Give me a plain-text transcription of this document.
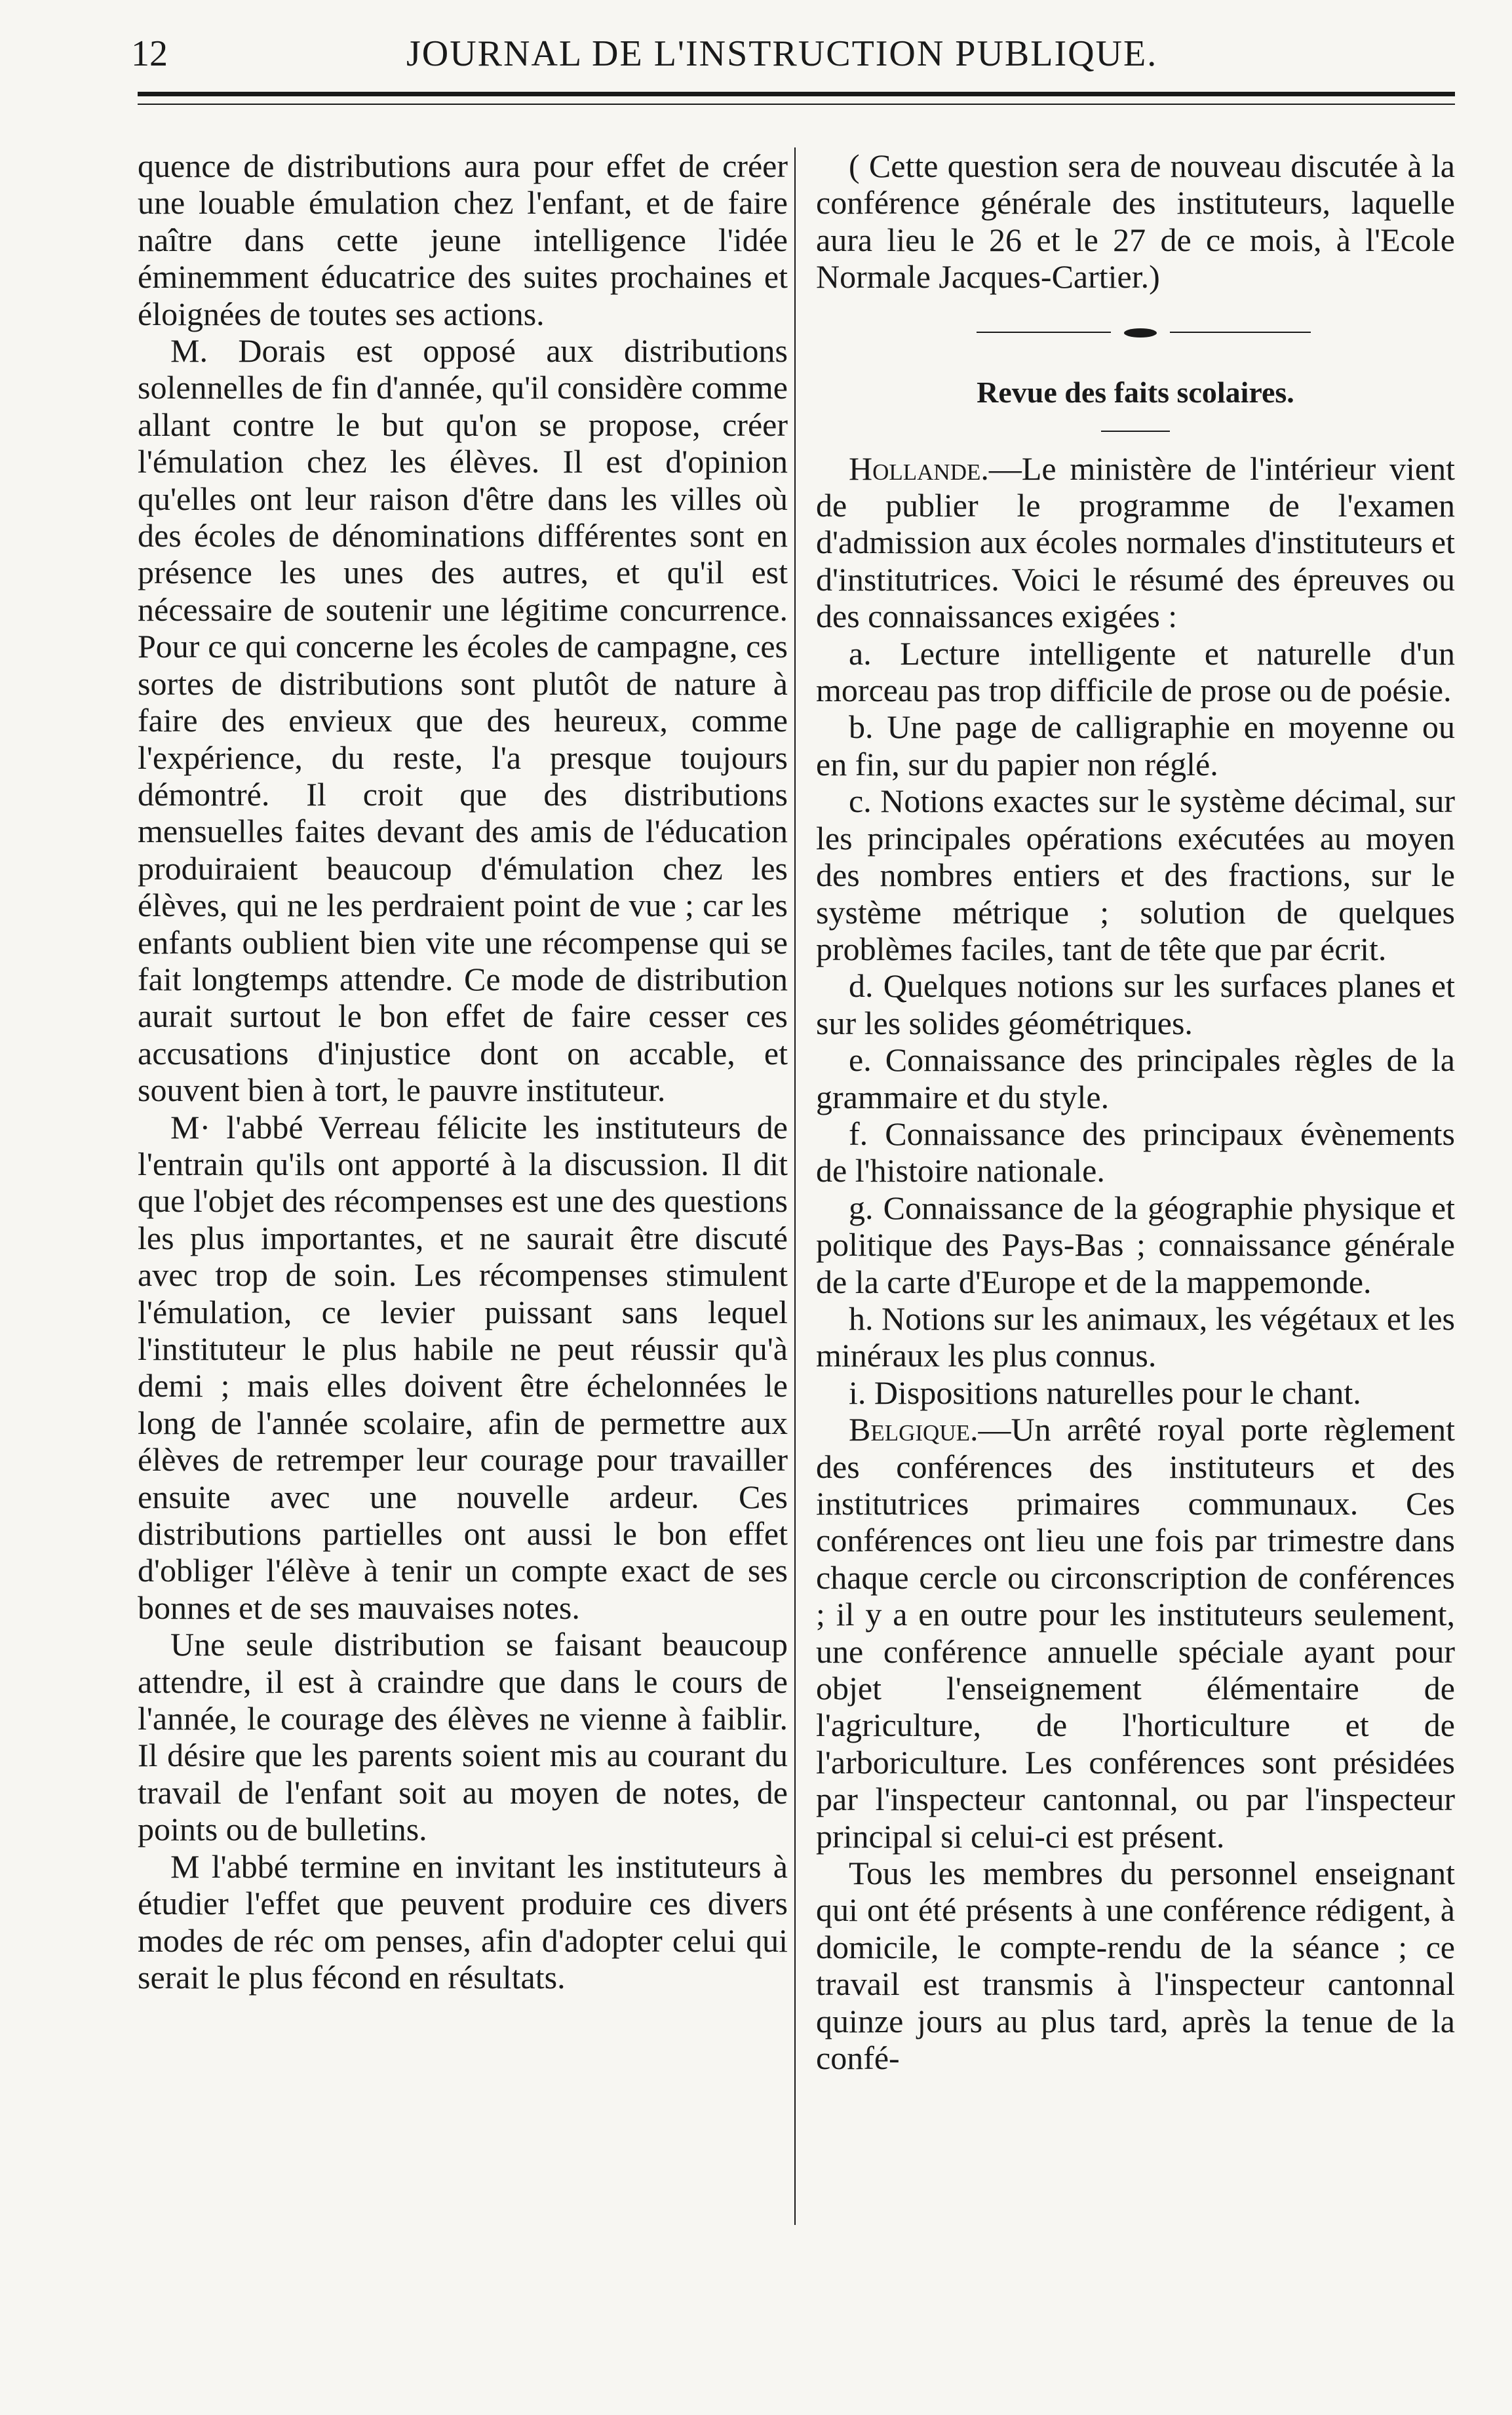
12	JOURNAL DE L'INSTRUCTION PUBLIQUE.

quence de distributions aura pour effet de créer une louable émulation chez l'enfant, et de faire naître dans cette jeune intelligence l'idée éminemment éducatrice des suites prochaines et éloignées de toutes ses actions.

M. Dorais est opposé aux distributions solennelles de fin d'année, qu'il considère comme allant contre le but qu'on se propose, créer l'émulation chez les élèves. Il est d'opinion qu'elles ont leur raison d'être dans les villes où des écoles de dénominations différentes sont en présence les unes des autres, et qu'il est nécessaire de soutenir une légitime concurrence. Pour ce qui concerne les écoles de campagne, ces sortes de distributions sont plutôt de nature à faire des envieux que des heureux, comme l'expérience, du reste, l'a presque toujours démontré. Il croit que des distributions mensuelles faites devant des amis de l'éducation produiraient beaucoup d'émulation chez les élèves, qui ne les perdraient point de vue ; car les enfants oublient bien vite une récompense qui se fait longtemps attendre. Ce mode de distribution aurait surtout le bon effet de faire cesser ces accusations d'injustice dont on accable, et souvent bien à tort, le pauvre instituteur.

M· l'abbé Verreau félicite les instituteurs de l'entrain qu'ils ont apporté à la discussion. Il dit que l'objet des récompenses est une des questions les plus importantes, et ne saurait être discuté avec trop de soin. Les récompenses stimulent l'émulation, ce levier puissant sans lequel l'instituteur le plus habile ne peut réussir qu'à demi ; mais elles doivent être échelonnées le long de l'année scolaire, afin de permettre aux élèves de retremper leur courage pour travailler ensuite avec une nouvelle ardeur. Ces distributions partielles ont aussi le bon effet d'obliger l'élève à tenir un compte exact de ses bonnes et de ses mauvaises notes.

Une seule distribution se faisant beaucoup attendre, il est à craindre que dans le cours de l'année, le courage des élèves ne vienne à faiblir. Il désire que les parents soient mis au courant du travail de l'enfant soit au moyen de notes, de points ou de bulletins.

M l'abbé termine en invitant les instituteurs à étudier l'effet que peuvent produire ces divers modes de réc om penses, afin d'adopter celui qui serait le plus fécond en résultats.

( Cette question sera de nouveau discutée à la conférence générale des instituteurs, laquelle aura lieu le 26 et le 27 de ce mois, à l'Ecole Normale Jacques-Cartier.)

Revue des faits scolaires.

Hollande.—Le ministère de l'intérieur vient de publier le programme de l'examen d'admission aux écoles normales d'instituteurs et d'institutrices. Voici le résumé des épreuves ou des connaissances exigées :

a. Lecture intelligente et naturelle d'un morceau pas trop difficile de prose ou de poésie.

b. Une page de calligraphie en moyenne ou en fin, sur du papier non réglé.

c. Notions exactes sur le système décimal, sur les principales opérations exécutées au moyen des nombres entiers et des fractions, sur le système métrique ; solution de quelques problèmes faciles, tant de tête que par écrit.

d. Quelques notions sur les surfaces planes et sur les solides géométriques.

e. Connaissance des principales règles de la grammaire et du style.

f. Connaissance des principaux évènements de l'histoire nationale.

g. Connaissance de la géographie physique et politique des Pays-Bas ; connaissance générale de la carte d'Europe et de la mappemonde.

h. Notions sur les animaux, les végétaux et les minéraux les plus connus.

i. Dispositions naturelles pour le chant.

Belgique.—Un arrêté royal porte règlement des conférences des instituteurs et des institutrices primaires communaux. Ces conférences ont lieu une fois par trimestre dans chaque cercle ou circonscription de conférences ; il y a en outre pour les instituteurs seulement, une conférence annuelle spéciale ayant pour objet l'enseignement élémentaire de l'agriculture, de l'horticulture et de l'arboriculture. Les conférences sont présidées par l'inspecteur cantonnal, ou par l'inspecteur principal si celui-ci est présent.

Tous les membres du personnel enseignant qui ont été présents à une conférence rédigent, à domicile, le compte-rendu de la séance ; ce travail est transmis à l'inspecteur cantonnal quinze jours au plus tard, après la tenue de la confé-
